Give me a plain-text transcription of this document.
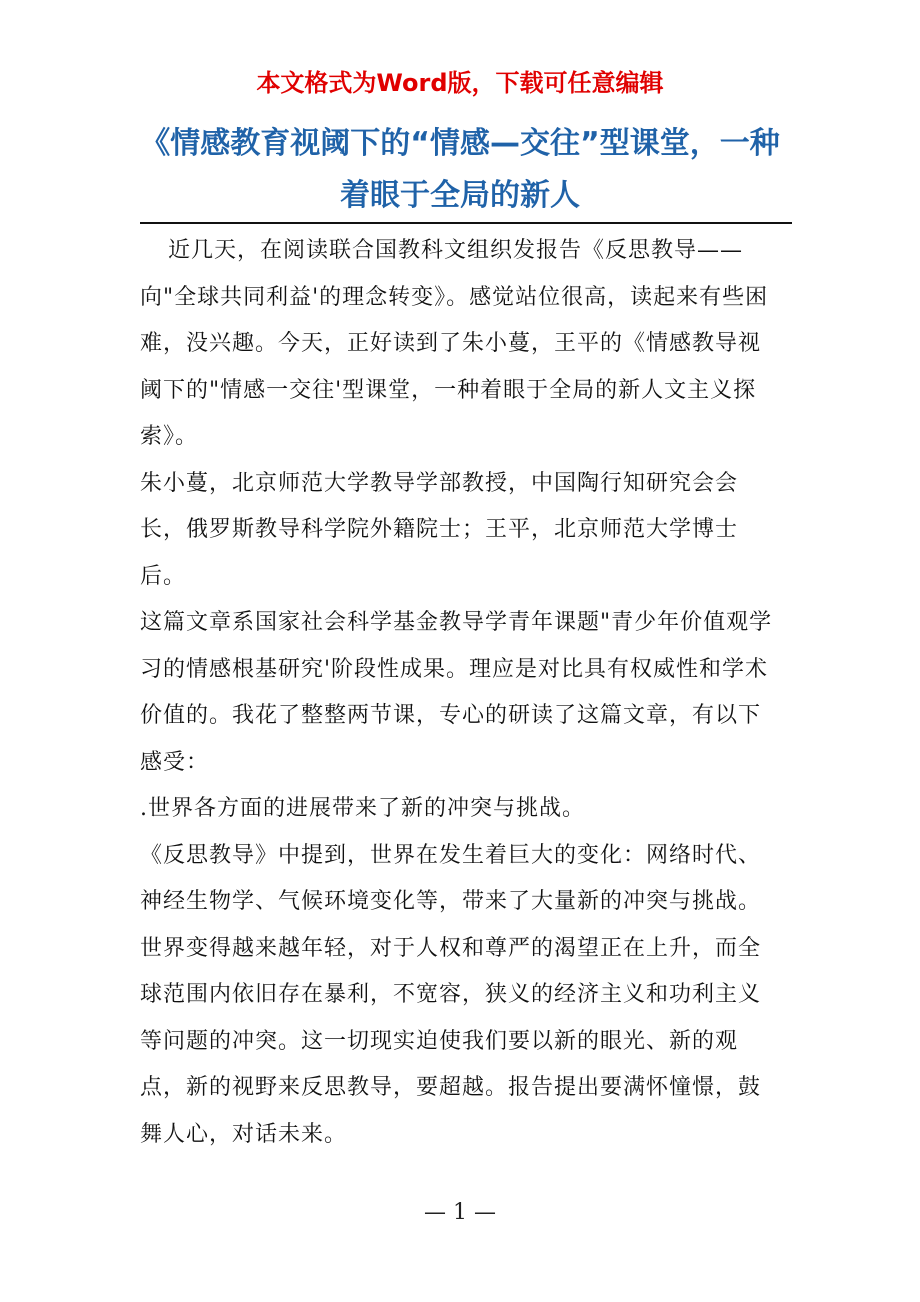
本文格式为Word版，下载可任意编辑
《情感教育视阈下的“情感—交往”型课堂，一种着眼于全局的新人

近几天，在阅读联合国教科文组织发报告《反思教导——向"全球共同利益'的理念转变》。感觉站位很高，读起来有些困难，没兴趣。今天，正好读到了朱小蔓，王平的《情感教导视阈下的"情感一交往'型课堂，一种着眼于全局的新人文主义探索》。

朱小蔓，北京师范大学教导学部教授，中国陶行知研究会会长，俄罗斯教导科学院外籍院士；王平，北京师范大学博士后。

这篇文章系国家社会科学基金教导学青年课题"青少年价值观学习的情感根基研究'阶段性成果。理应是对比具有权威性和学术价值的。我花了整整两节课，专心的研读了这篇文章，有以下感受：

.世界各方面的进展带来了新的冲突与挑战。

《反思教导》中提到，世界在发生着巨大的变化：网络时代、神经生物学、气候环境变化等，带来了大量新的冲突与挑战。世界变得越来越年轻，对于人权和尊严的渴望正在上升，而全球范围内依旧存在暴利，不宽容，狭义的经济主义和功利主义等问题的冲突。这一切现实迫使我们要以新的眼光、新的观点，新的视野来反思教导，要超越。报告提出要满怀憧憬，鼓舞人心，对话未来。

— 1 —
